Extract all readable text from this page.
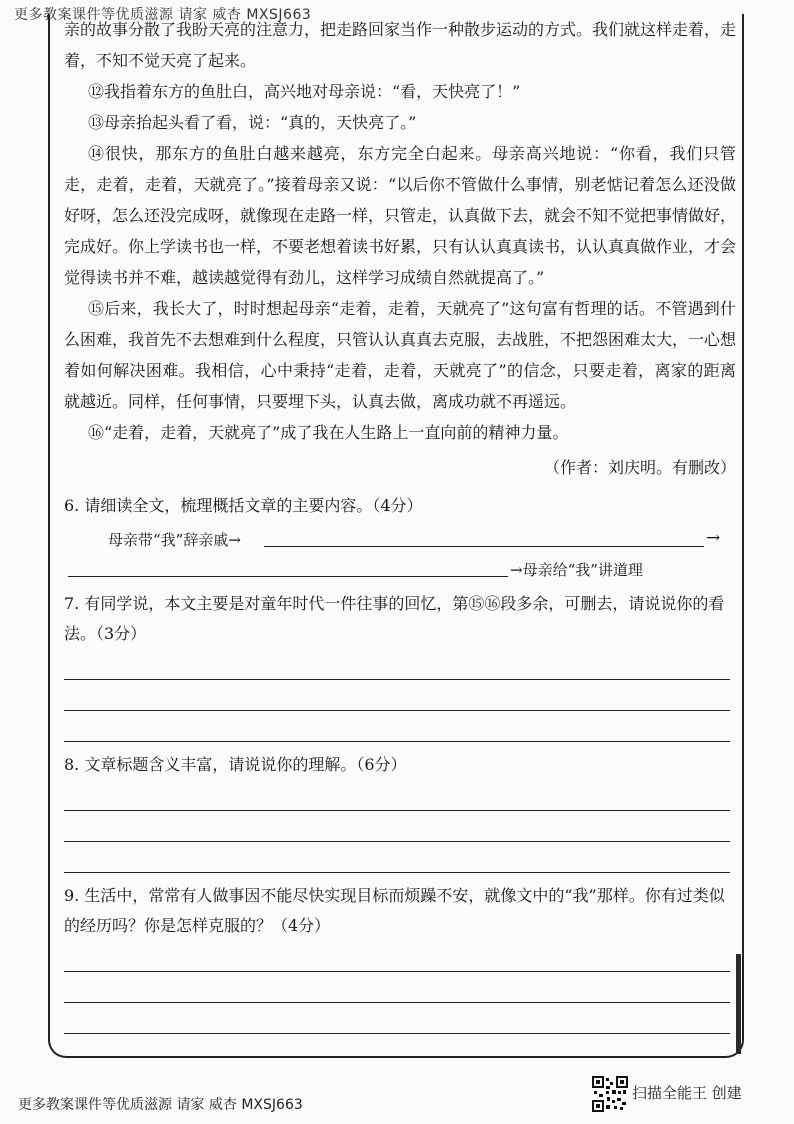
更多教案课件等优质滋源 请家 威杏 MXSJ663

亲的故事分散了我盼天亮的注意力，把走路回家当作一种散步运动的方式。我们就这样走着，走着，不知不觉天亮了起来。

⑫我指着东方的鱼肚白，高兴地对母亲说：“看，天快亮了！”

⑬母亲抬起头看了看，说：“真的，天快亮了。”

⑭很快，那东方的鱼肚白越来越亮，东方完全白起来。母亲高兴地说：“你看，我们只管走，走着，走着，天就亮了。”接着母亲又说：“以后你不管做什么事情，别老惦记着怎么还没做好呀，怎么还没完成呀，就像现在走路一样，只管走，认真做下去，就会不知不觉把事情做好，完成好。你上学读书也一样，不要老想着读书好累，只有认认真真读书，认认真真做作业，才会觉得读书并不难，越读越觉得有劲儿，这样学习成绩自然就提高了。”

⑮后来，我长大了，时时想起母亲“走着，走着，天就亮了”这句富有哲理的话。不管遇到什么困难，我首先不去想难到什么程度，只管认认真真去克服，去战胜，不把怨困难太大，一心想着如何解决困难。我相信，心中秉持“走着，走着，天就亮了”的信念，只要走着，离家的距离就越近。同样，任何事情，只要埋下头，认真去做，离成功就不再遥远。

⑯“走着，走着，天就亮了”成了我在人生路上一直向前的精神力量。

（作者：刘庆明。有删改）

6. 请细读全文，梳理概括文章的主要内容。（4分）

母亲带“我”辞亲戚→	→
→母亲给“我”讲道理

7. 有同学说，本文主要是对童年时代一件往事的回忆，第⑮⑯段多余，可删去，请说说你的看法。（3分）

8. 文章标题含义丰富，请说说你的理解。（6分）

9. 生活中，常常有人做事因不能尽快实现目标而烦躁不安，就像文中的“我”那样。你有过类似的经历吗？你是怎样克服的？（4分）

更多教案课件等优质滋源 请家 威杏 MXSJ663
扫描全能王 创建
